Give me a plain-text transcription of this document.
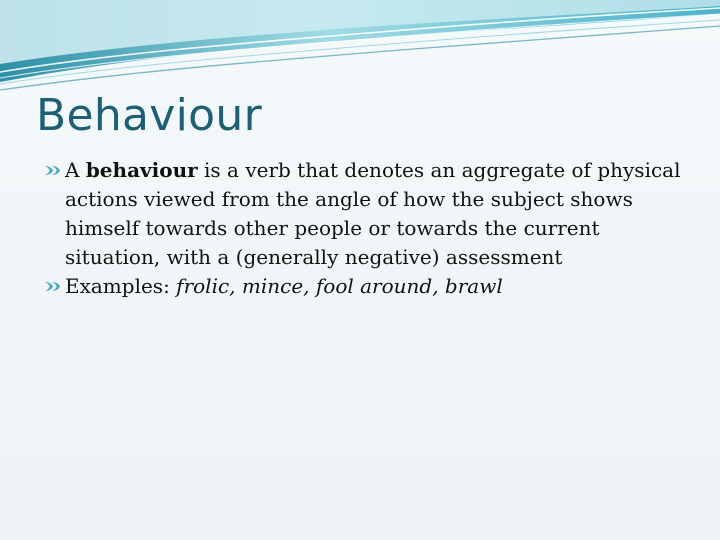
Behaviour

A behaviour is a verb that denotes an aggregate of physical actions viewed from the angle of how the subject shows himself towards other people or towards the current situation, with a (generally negative) assessment

Examples: frolic, mince, fool around, brawl
